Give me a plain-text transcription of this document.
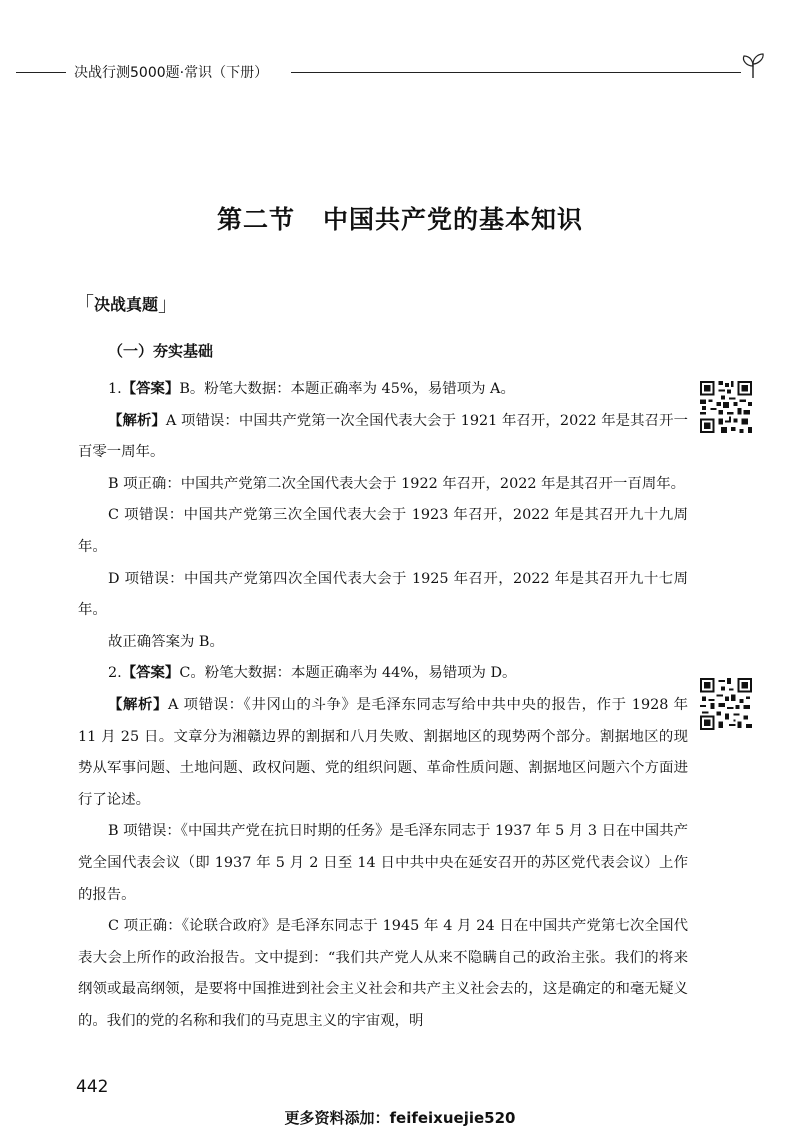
决战行测5000题·常识（下册）
第二节 中国共产党的基本知识
「决战真题」
（一）夯实基础

1.【答案】B。粉笔大数据：本题正确率为 45%，易错项为 A。

【解析】A 项错误：中国共产党第一次全国代表大会于 1921 年召开，2022 年是其召开一百零一周年。

B 项正确：中国共产党第二次全国代表大会于 1922 年召开，2022 年是其召开一百周年。

C 项错误：中国共产党第三次全国代表大会于 1923 年召开，2022 年是其召开九十九周年。

D 项错误：中国共产党第四次全国代表大会于 1925 年召开，2022 年是其召开九十七周年。

故正确答案为 B。

2.【答案】C。粉笔大数据：本题正确率为 44%，易错项为 D。

【解析】A 项错误：《井冈山的斗争》是毛泽东同志写给中共中央的报告，作于 1928 年 11 月 25 日。文章分为湘赣边界的割据和八月失败、割据地区的现势两个部分。割据地区的现势从军事问题、土地问题、政权问题、党的组织问题、革命性质问题、割据地区问题六个方面进行了论述。

B 项错误：《中国共产党在抗日时期的任务》是毛泽东同志于 1937 年 5 月 3 日在中国共产党全国代表会议（即 1937 年 5 月 2 日至 14 日中共中央在延安召开的苏区党代表会议）上作的报告。

C 项正确：《论联合政府》是毛泽东同志于 1945 年 4 月 24 日在中国共产党第七次全国代表大会上所作的政治报告。文中提到：“我们共产党人从来不隐瞒自己的政治主张。我们的将来纲领或最高纲领，是要将中国推进到社会主义社会和共产主义社会去的，这是确定的和毫无疑义的。我们的党的名称和我们的马克思主义的宇宙观，明

442
更多资料添加：feifeixuejie520
